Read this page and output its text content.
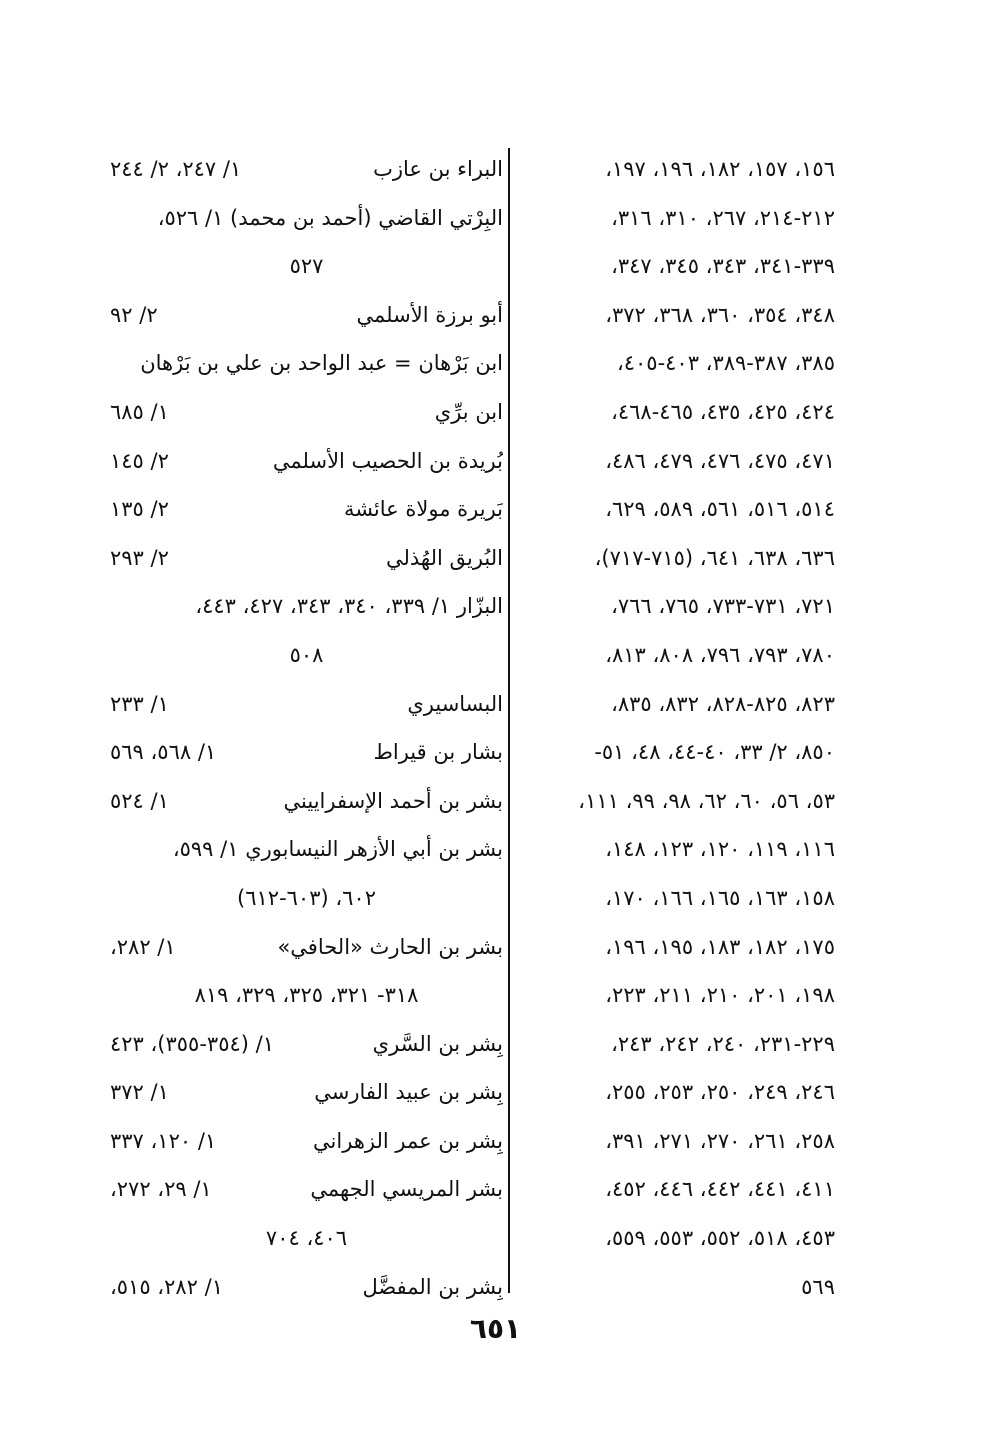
١٥٦، ١٥٧، ١٨٢، ١٩٦، ١٩٧،
٢١٢-٢١٤، ٢٦٧، ٣١٠، ٣١٦،
٣٣٩-٣٤١، ٣٤٣، ٣٤٥، ٣٤٧،
٣٤٨، ٣٥٤، ٣٦٠، ٣٦٨، ٣٧٢،
٣٨٥، ٣٨٧-٣٨٩، ٤٠٣-٤٠٥،
٤٢٤، ٤٢٥، ٤٣٥، ٤٦٥-٤٦٨،
٤٧١، ٤٧٥، ٤٧٦، ٤٧٩، ٤٨٦،
٥١٤، ٥١٦، ٥٦١، ٥٨٩، ٦٢٩،
٦٣٦، ٦٣٨، ٦٤١، (٧١٥-٧١٧)،
٧٢١، ٧٣١-٧٣٣، ٧٦٥، ٧٦٦،
٧٨٠، ٧٩٣، ٧٩٦، ٨٠٨، ٨١٣،
٨٢٣، ٨٢٥-٨٢٨، ٨٣٢، ٨٣٥،
٨٥٠، ٢/ ٣٣، ٤٠-٤٤، ٤٨، ٥١-
٥٣، ٥٦، ٦٠، ٦٢، ٩٨، ٩٩، ١١١،
١١٦، ١١٩، ١٢٠، ١٢٣، ١٤٨،
١٥٨، ١٦٣، ١٦٥، ١٦٦، ١٧٠،
١٧٥، ١٨٢، ١٨٣، ١٩٥، ١٩٦،
١٩٨، ٢٠١، ٢١٠، ٢١١، ٢٢٣،
٢٢٩-٢٣١، ٢٤٠، ٢٤٢، ٢٤٣،
٢٤٦، ٢٤٩، ٢٥٠، ٢٥٣، ٢٥٥،
٢٥٨، ٢٦١، ٢٧٠، ٢٧١، ٣٩١،
٤١١، ٤٤١، ٤٤٢، ٤٤٦، ٤٥٢،
٤٥٣، ٥١٨، ٥٥٢، ٥٥٣، ٥٥٩،
٥٦٩
البراء بن عازب
١/ ٢٤٧، ٢/ ٢٤٤
البِرْتي القاضي (أحمد بن محمد) ١/ ٥٢٦،
٥٢٧
أبو برزة الأسلمي
٢/ ٩٢
ابن بَرْهان = عبد الواحد بن علي بن بَرْهان
ابن برِّي
١/ ٦٨٥
بُريدة بن الحصيب الأسلمي
٢/ ١٤٥
بَريرة مولاة عائشة
٢/ ١٣٥
البُريق الهُذلي
٢/ ٢٩٣
البزّار ١/ ٣٣٩، ٣٤٠، ٣٤٣، ٤٢٧، ٤٤٣،
٥٠٨
البساسيري
١/ ٢٣٣
بشار بن قيراط
١/ ٥٦٨، ٥٦٩
بشر بن أحمد الإسفراييني
١/ ٥٢٤
بشر بن أبي الأزهر النيسابوري ١/ ٥٩٩،
٦٠٢، (٦٠٣-٦١٢)
بشر بن الحارث «الحافي»
١/ ٢٨٢،
٣١٨- ٣٢١، ٣٢٥، ٣٢٩، ٨١٩
بِشر بن السَّري
١/ (٣٥٤-٣٥٥)، ٤٢٣
بِشر بن عبيد الفارسي
١/ ٣٧٢
بِشر بن عمر الزهراني
١/ ١٢٠، ٣٣٧
بشر المريسي الجهمي
١/ ٢٩، ٢٧٢،
٤٠٦، ٧٠٤
بِشر بن المفضَّل
١/ ٢٨٢، ٥١٥،
٦٥١
